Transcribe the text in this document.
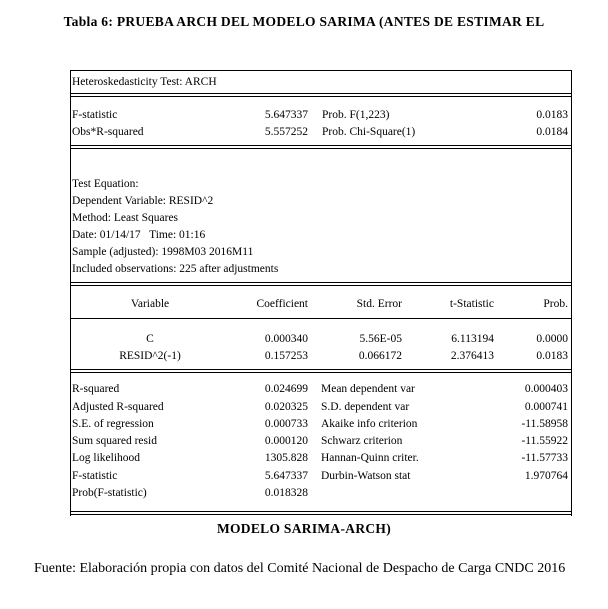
Tabla 6: PRUEBA ARCH DEL MODELO SARIMA (ANTES DE ESTIMAR EL
Heteroskedasticity Test: ARCH
F-statistic	5.647337 Prob. F(1,223)	0.0183
Obs*R-squared	5.557252 Prob. Chi-Square(1)	0.0184
Test Equation:
Dependent Variable: RESID^2
Method: Least Squares
Date: 01/14/17   Time: 01:16
Sample (adjusted): 1998M03 2016M11
Included observations: 225 after adjustments
Variable	Coefficient	Std. Error	t-Statistic	Prob.
C	0.000340	5.56E-05	6.113194	0.0000
RESID^2(-1)	0.157253	0.066172	2.376413	0.0183
R-squared	0.024699 Mean dependent var	0.000403
Adjusted R-squared	0.020325 S.D. dependent var	0.000741
S.E. of regression	0.000733 Akaike info criterion	-11.58958
Sum squared resid	0.000120 Schwarz criterion	-11.55922
Log likelihood	1305.828 Hannan-Quinn criter.	-11.57733
F-statistic	5.647337 Durbin-Watson stat	1.970764
Prob(F-statistic)	0.018328
MODELO SARIMA-ARCH)
Fuente: Elaboración propia con datos del Comité Nacional de Despacho de Carga CNDC 2016
